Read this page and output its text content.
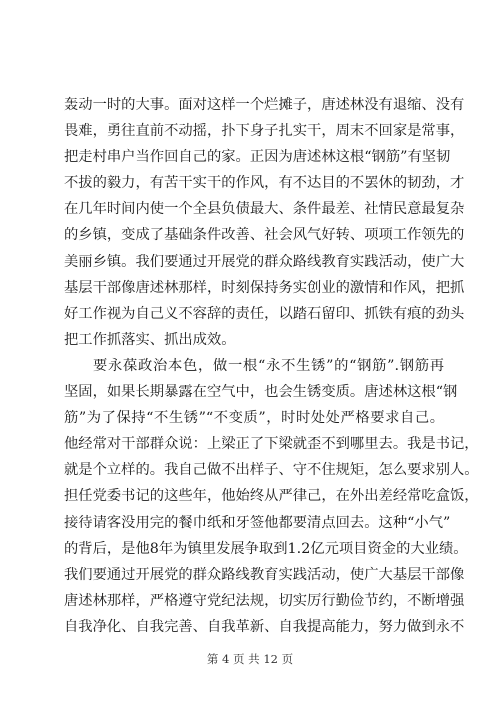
轰动一时的大事。面对这样一个烂摊子，唐述林没有退缩、没有
畏难，勇往直前不动摇，扑下身子扎实干，周末不回家是常事，
把走村串户当作回自己的家。正因为唐述林这根“钢筋”有坚韧
不拔的毅力，有苦干实干的作风，有不达目的不罢休的韧劲，才
在几年时间内使一个全县负债最大、条件最差、社情民意最复杂
的乡镇，变成了基础条件改善、社会风气好转、项项工作领先的
美丽乡镇。我们要通过开展党的群众路线教育实践活动，使广大
基层干部像唐述林那样，时刻保持务实创业的激情和作风，把抓
好工作视为自己义不容辞的责任，以踏石留印、抓铁有痕的劲头
把工作抓落实、抓出成效。
要永葆政治本色，做一根“永不生锈”的“钢筋”.钢筋再
坚固，如果长期暴露在空气中，也会生锈变质。唐述林这根“钢
筋”为了保持“不生锈”“不变质”，时时处处严格要求自己。
他经常对干部群众说：上梁正了下梁就歪不到哪里去。我是书记，
就是个立样的。我自己做不出样子、守不住规矩，怎么要求别人。
担任党委书记的这些年，他始终从严律己，在外出差经常吃盒饭，
接待请客没用完的餐巾纸和牙签他都要清点回去。这种“小气”
的背后，是他8年为镇里发展争取到1.2亿元项目资金的大业绩。
我们要通过开展党的群众路线教育实践活动，使广大基层干部像
唐述林那样，严格遵守党纪法规，切实厉行勤俭节约，不断增强
自我净化、自我完善、自我革新、自我提高能力，努力做到永不
第 4 页 共 12 页
